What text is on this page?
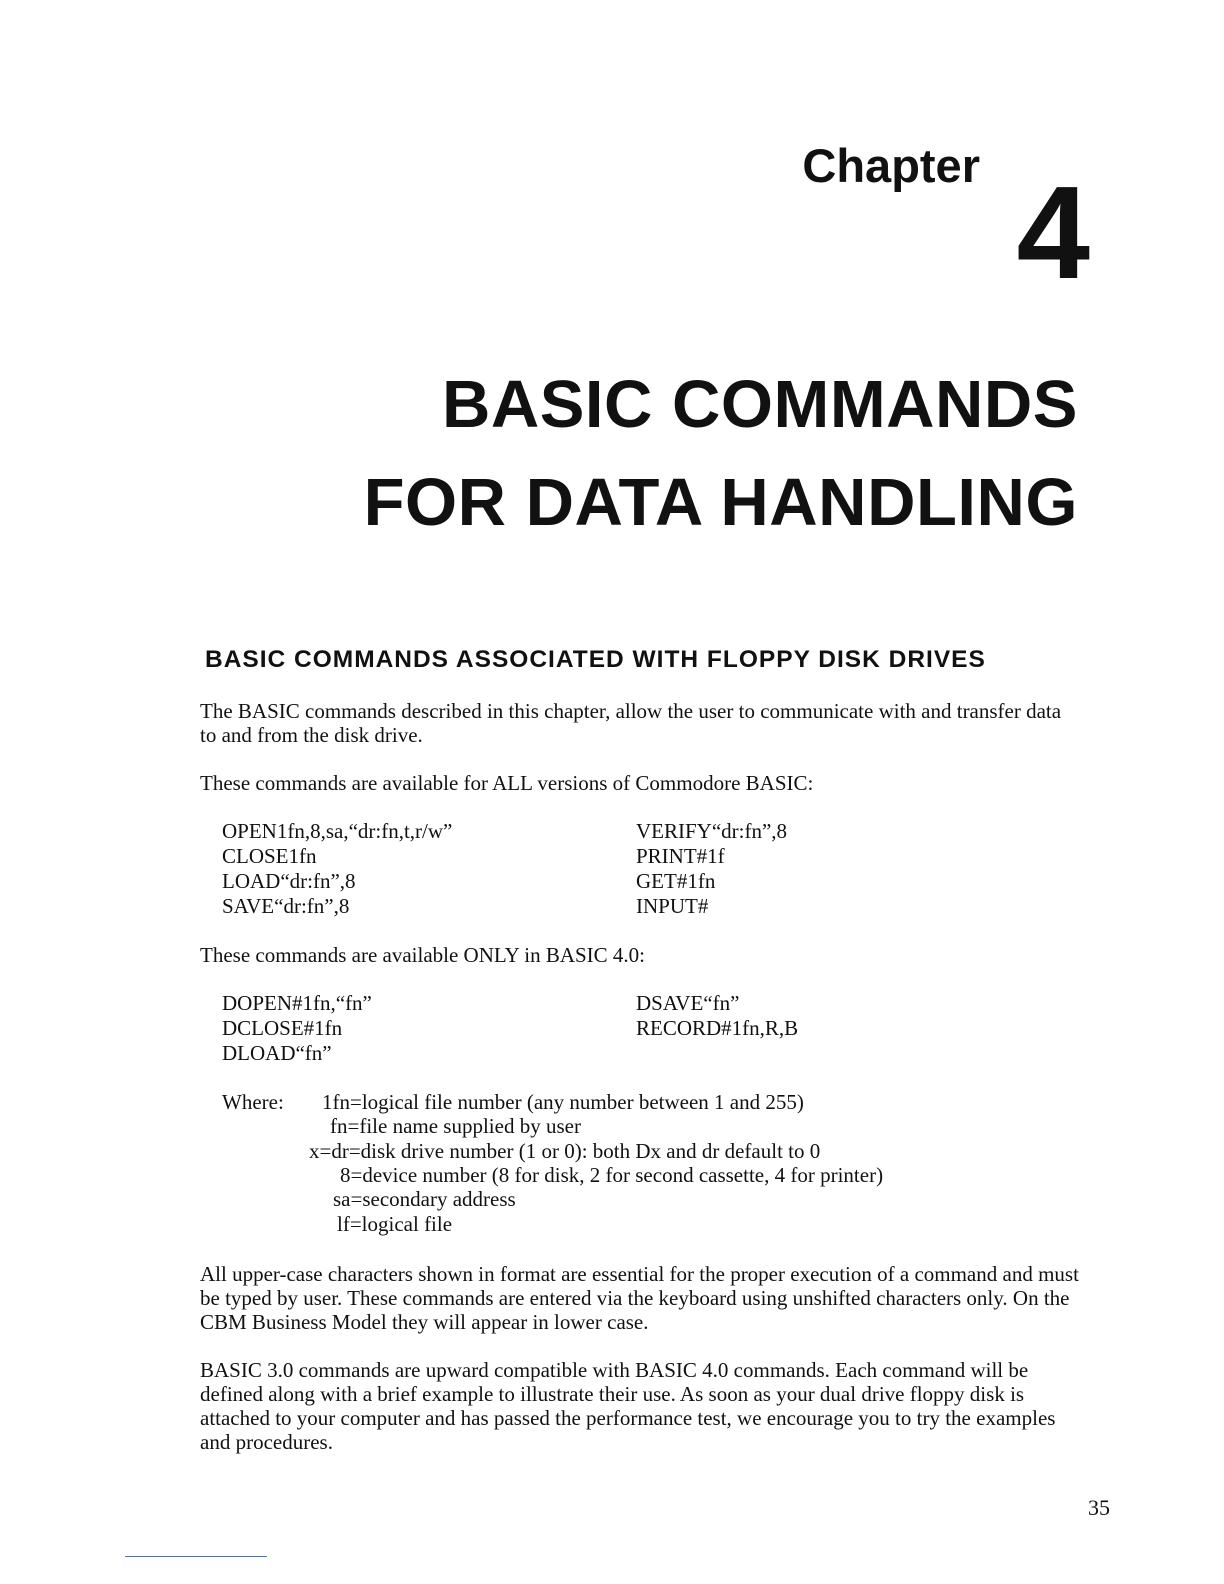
Chapter 4
BASIC COMMANDS
FOR DATA HANDLING
BASIC COMMANDS ASSOCIATED WITH FLOPPY DISK DRIVES

The BASIC commands described in this chapter, allow the user to communicate with and transfer data to and from the disk drive.

These commands are available for ALL versions of Commodore BASIC:

OPEN1fn,8,sa,“dr:fn,t,r/w”
CLOSE1fn
LOAD“dr:fn”,8
SAVE“dr:fn”,8
VERIFY“dr:fn”,8
PRINT#1f
GET#1fn
INPUT#

These commands are available ONLY in BASIC 4.0:

DOPEN#1fn,“fn”
DCLOSE#1fn
DLOAD“fn”
DSAVE“fn”
RECORD#1fn,R,B
Where: 1fn=logical file number (any number between 1 and 255)
fn=file name supplied by user
x=dr=disk drive number (1 or 0): both Dx and dr default to 0
8=device number (8 for disk, 2 for second cassette, 4 for printer)
sa=secondary address
lf=logical file

All upper-case characters shown in format are essential for the proper execution of a command and must be typed by user. These commands are entered via the keyboard using unshifted characters only. On the CBM Business Model they will appear in lower case.

BASIC 3.0 commands are upward compatible with BASIC 4.0 commands. Each command will be defined along with a brief example to illustrate their use. As soon as your dual drive floppy disk is attached to your computer and has passed the performance test, we encourage you to try the examples and procedures.

35
